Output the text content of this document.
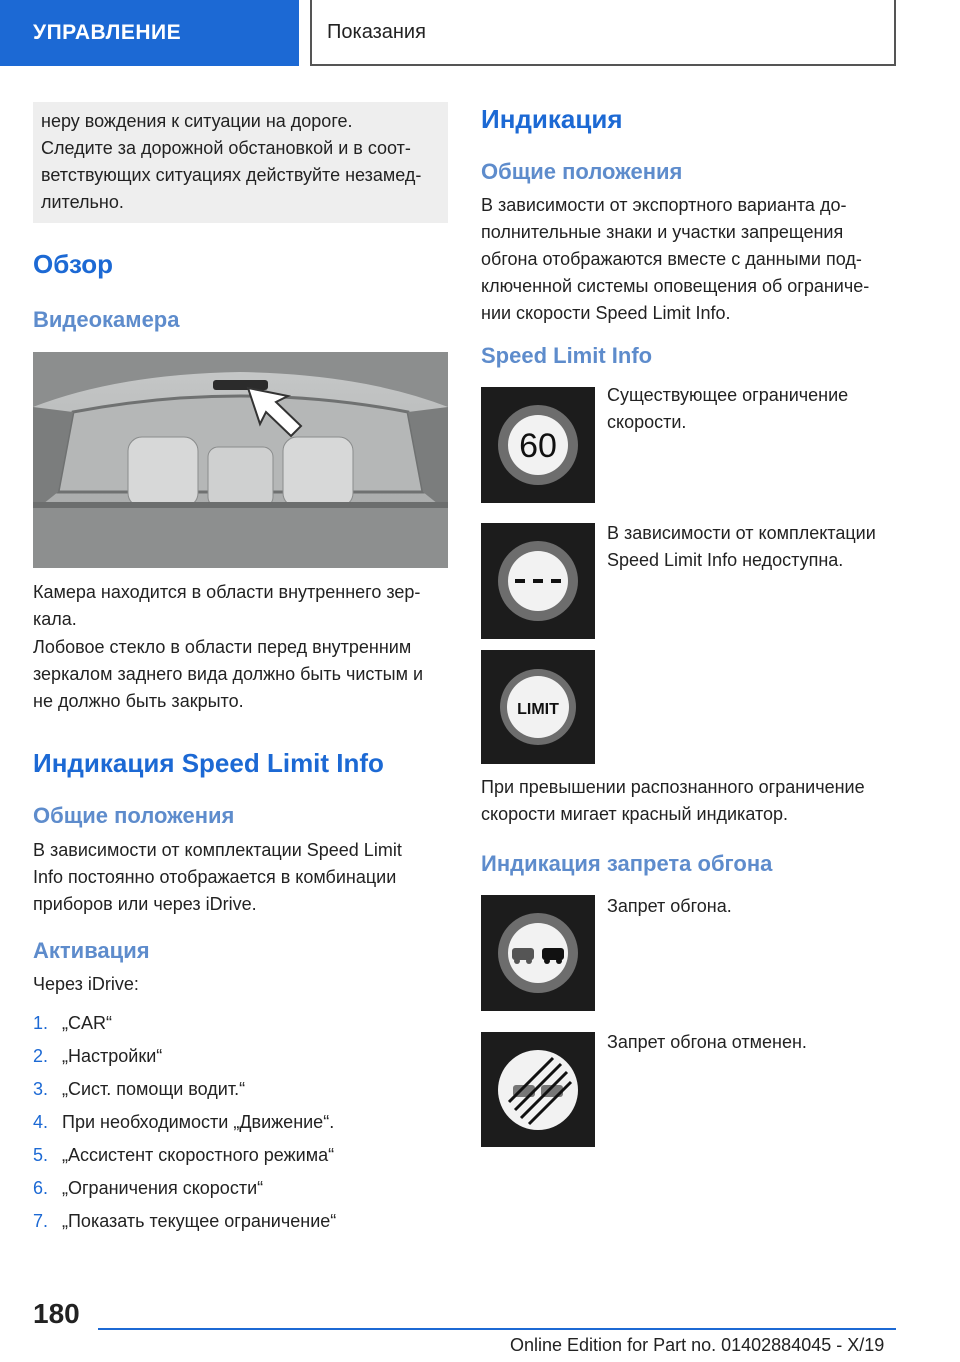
УПРАВЛЕНИЕ	Показания
неру вождения к ситуации на дороге.
Следите за дорожной обстановкой и в соот-
ветствующих ситуациях действуйте незамед-
лительно.
Обзор
Видеокамера
Камера находится в области внутреннего зер-
кала.
Лобовое стекло в области перед внутренним
зеркалом заднего вида должно быть чистым и
не должно быть закрыто.
Индикация Speed Limit Info
Общие положения
В зависимости от комплектации Speed Limit
Info постоянно отображается в комбинации
приборов или через iDrive.
Активация
Через iDrive:
1. „CAR“
2. „Настройки“
3. „Сист. помощи водит.“
4. При необходимости „Движение“.
5. „Ассистент скоростного режима“
6. „Ограничения скорости“
7. „Показать текущее ограничение“
Индикация
Общие положения
В зависимости от экспортного варианта до-
полнительные знаки и участки запрещения
обгона отображаются вместе с данными под-
ключенной системы оповещения об ограниче-
нии скорости Speed Limit Info.
Speed Limit Info
60
Существующее ограничение
скорости.
В зависимости от комплектации
Speed Limit Info недоступна.
LIMIT
При превышении распознанного ограничение
скорости мигает красный индикатор.
Индикация запрета обгона
Запрет обгона.
Запрет обгона отменен.
180
Online Edition for Part no. 01402884045 - X/19
